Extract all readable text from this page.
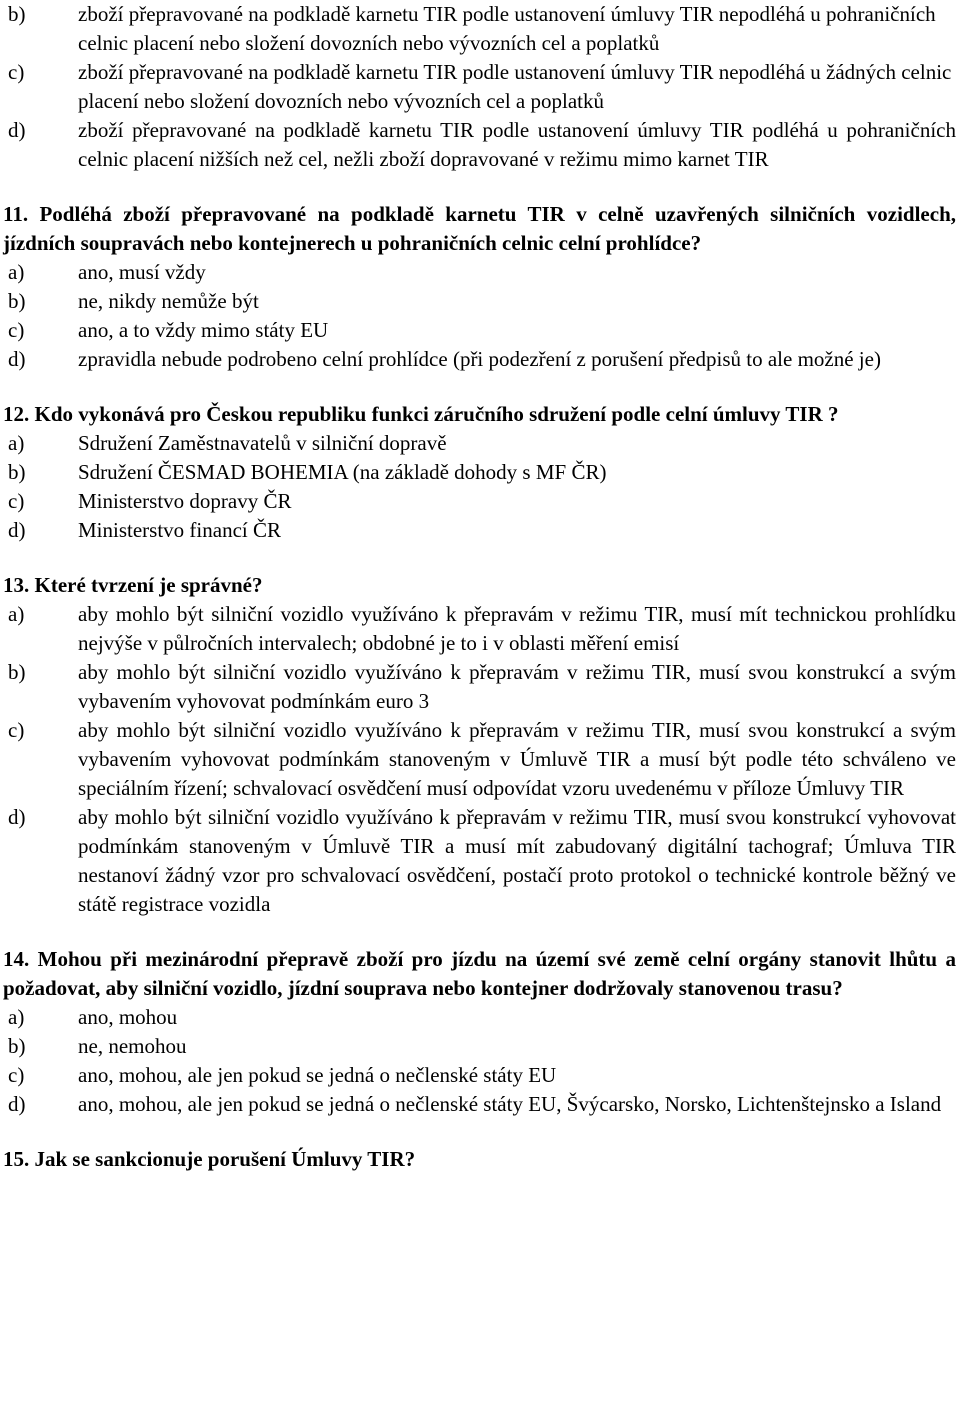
b)	zboží přepravované na podkladě karnetu TIR podle ustanovení úmluvy TIR nepodléhá u pohraničních celnic placení nebo složení dovozních nebo vývozních cel a poplatků
c)	zboží přepravované na podkladě karnetu TIR podle ustanovení úmluvy TIR nepodléhá u žádných celnic placení nebo složení dovozních nebo vývozních cel a poplatků
d)	zboží přepravované na podkladě karnetu TIR podle ustanovení úmluvy TIR podléhá u pohraničních celnic placení nižších než cel, nežli zboží dopravované v režimu mimo karnet TIR
11. Podléhá zboží přepravované na podkladě karnetu TIR v celně uzavřených silničních vozidlech, jízdních soupravách nebo kontejnerech u pohraničních celnic celní prohlídce?
a)	ano, musí vždy
b)	ne, nikdy nemůže být
c)	ano, a to vždy mimo státy EU
d)	zpravidla nebude podrobeno celní prohlídce (při podezření z porušení předpisů to ale možné je)
12. Kdo vykonává pro Českou republiku funkci záručního sdružení podle celní úmluvy TIR ?
a)	Sdružení Zaměstnavatelů v silniční dopravě
b)	Sdružení ČESMAD BOHEMIA (na základě dohody s MF ČR)
c)	Ministerstvo dopravy ČR
d)	Ministerstvo financí ČR
13. Které tvrzení je správné?
a)	aby mohlo být silniční vozidlo využíváno k přepravám v režimu TIR, musí mít technickou prohlídku nejvýše v půlročních intervalech; obdobné je to i v oblasti měření emisí
b)	aby mohlo být silniční vozidlo využíváno k přepravám v režimu TIR, musí svou konstrukcí a svým vybavením vyhovovat podmínkám euro 3
c)	aby mohlo být silniční vozidlo využíváno k přepravám v režimu TIR, musí svou konstrukcí a svým vybavením vyhovovat podmínkám stanoveným v Úmluvě TIR a musí být podle této schváleno ve speciálním řízení; schvalovací osvědčení musí odpovídat vzoru uvedenému v příloze Úmluvy TIR
d)	aby mohlo být silniční vozidlo využíváno k přepravám v režimu TIR, musí svou konstrukcí vyhovovat podmínkám stanoveným v Úmluvě TIR a musí mít zabudovaný digitální tachograf; Úmluva TIR nestanoví žádný vzor pro schvalovací osvědčení, postačí proto protokol o technické kontrole běžný ve státě registrace vozidla
14. Mohou při mezinárodní přepravě zboží pro jízdu na území své země celní orgány stanovit lhůtu a požadovat, aby silniční vozidlo, jízdní souprava nebo kontejner dodržovaly stanovenou trasu?
a)	ano, mohou
b)	ne, nemohou
c)	ano, mohou, ale jen pokud se jedná o nečlenské státy EU
d)	ano, mohou, ale jen pokud se jedná o nečlenské státy EU, Švýcarsko, Norsko, Lichtenštejnsko a Island
15. Jak se sankcionuje porušení Úmluvy TIR?
